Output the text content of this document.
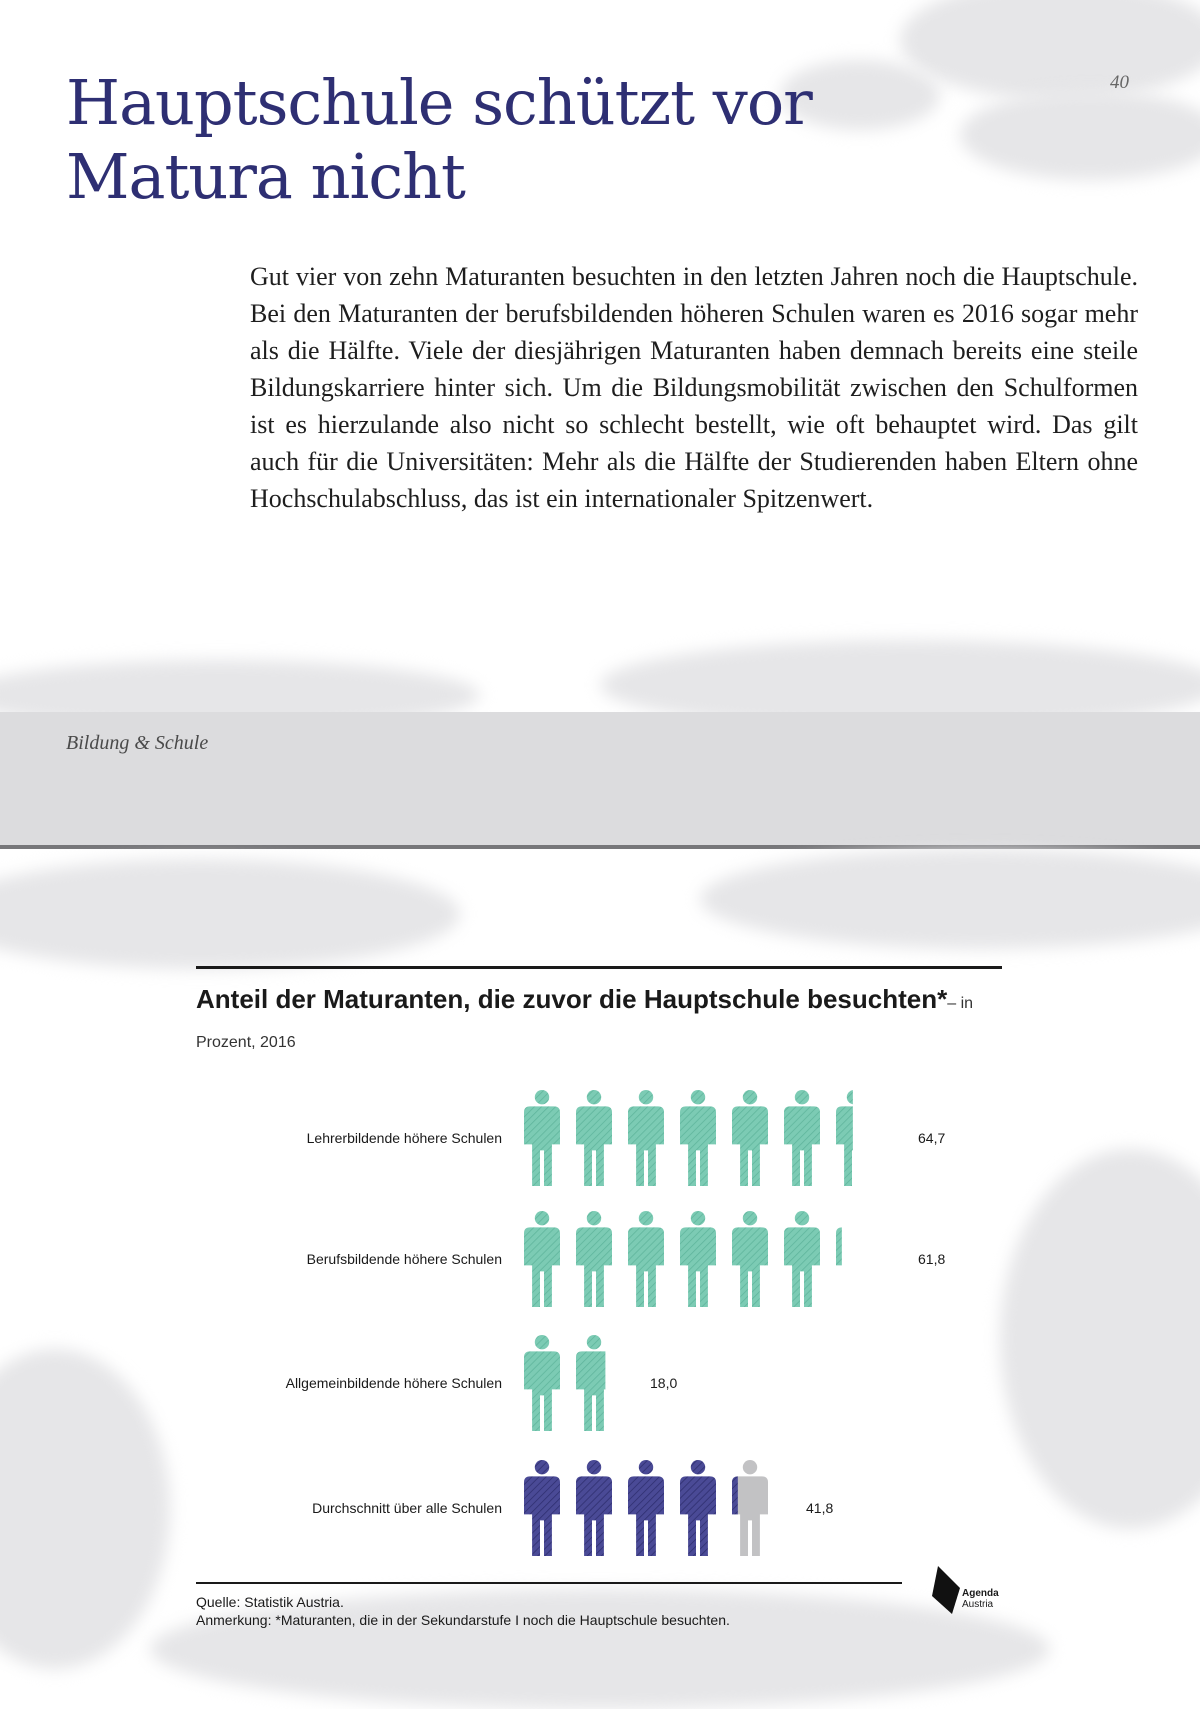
Hauptschule schützt vor
Matura nicht
40

Gut vier von zehn Maturanten besuchten in den letzten Jahren noch die Hauptschule. Bei den Maturanten der berufsbildenden höheren Schulen waren es 2016 sogar mehr als die Hälfte. Viele der diesjährigen Maturanten haben demnach bereits eine steile Bildungskarriere hinter sich. Um die Bildungsmobilität zwischen den Schulformen ist es hierzulande also nicht so schlecht bestellt, wie oft behauptet wird. Das gilt auch für die Universitäten: Mehr als die Hälfte der Studierenden haben Eltern ohne Hochschulabschluss, das ist ein internationaler Spitzenwert.

Bildung & Schule
Anteil der Maturanten, die zuvor die Hauptschule besuchten*– in Prozent, 2016
Lehrerbildende höhere Schulen	64,7
Berufsbildende höhere Schulen	61,8
Allgemeinbildende höhere Schulen	18,0
Durchschnitt über alle Schulen	41,8
Quelle: Statistik Austria.
Anmerkung: *Maturanten, die in der Sekundarstufe I noch die Hauptschule besuchten.
Agenda
Austria
